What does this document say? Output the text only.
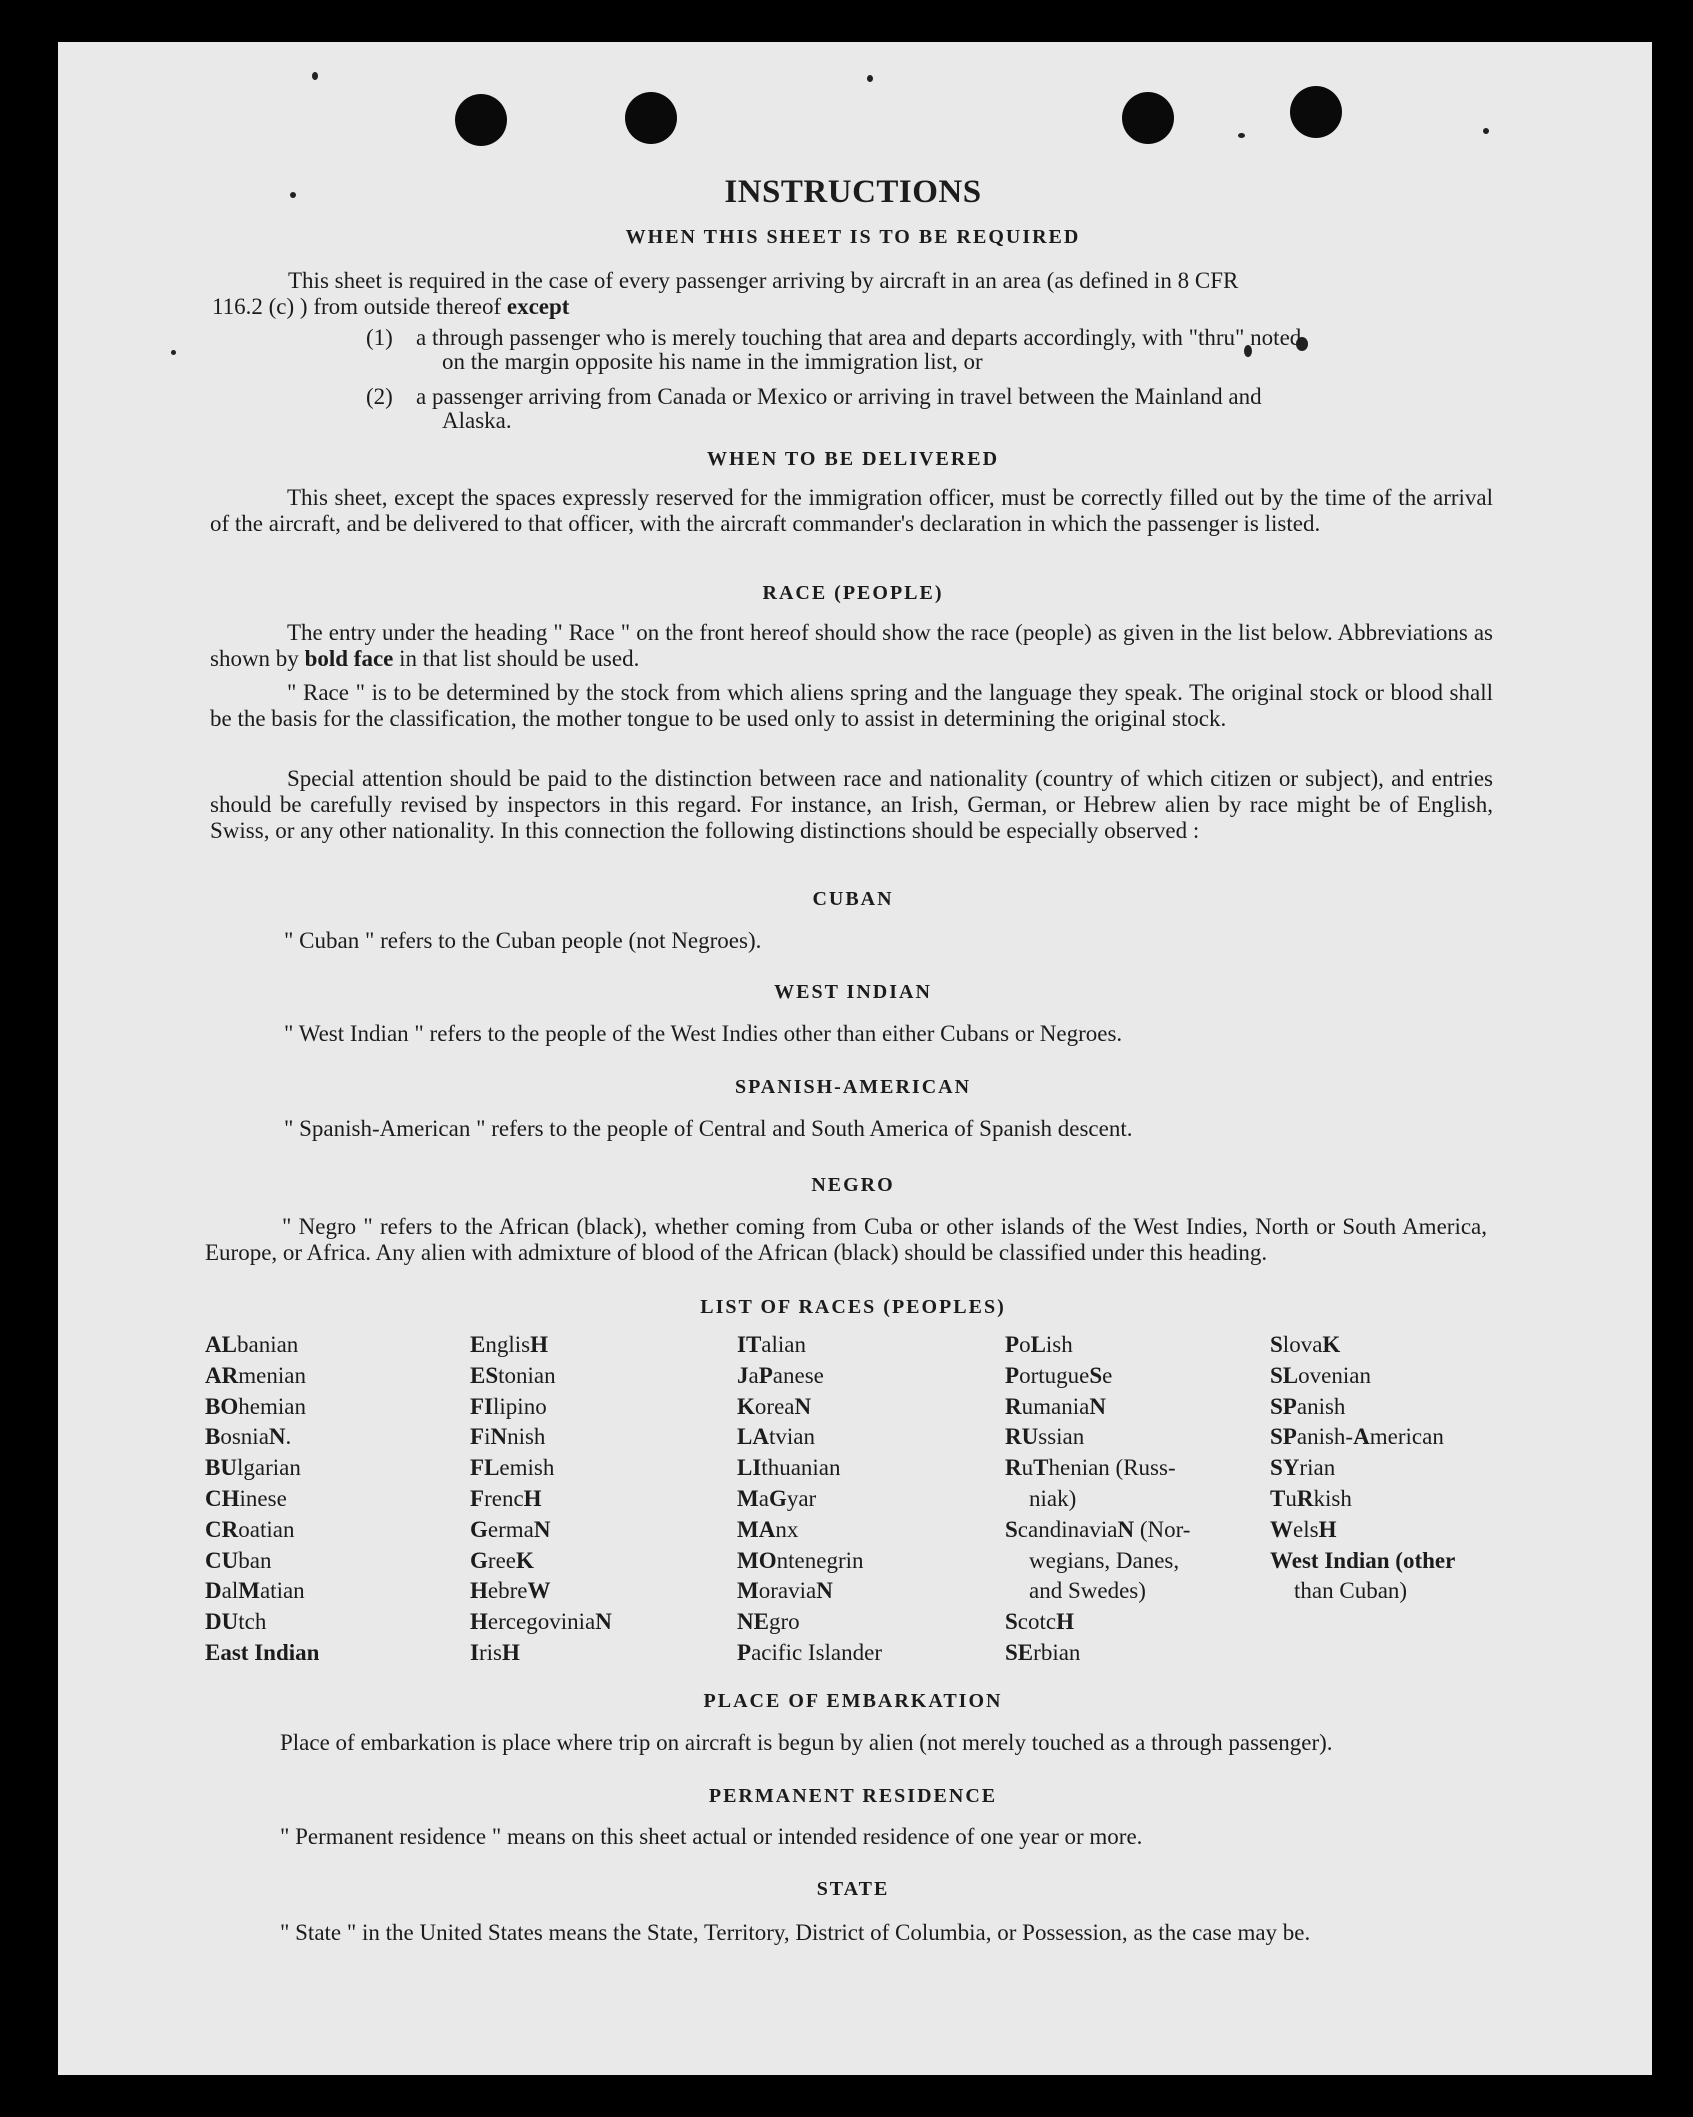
INSTRUCTIONS
WHEN THIS SHEET IS TO BE REQUIRED
This sheet is required in the case of every passenger arriving by aircraft in an area (as defined in 8 CFR
116.2 (c) ) from outside thereof except
(1) a through passenger who is merely touching that area and departs accordingly, with "thru" noted
on the margin opposite his name in the immigration list, or
(2) a passenger arriving from Canada or Mexico or arriving in travel between the Mainland and
Alaska.
WHEN TO BE DELIVERED
This sheet, except the spaces expressly reserved for the immigration officer, must be correctly filled out by the time of the arrival of the aircraft, and be delivered to that officer, with the aircraft commander's declaration in which the passenger is listed.
RACE (PEOPLE)
The entry under the heading " Race " on the front hereof should show the race (people) as given in the list below. Abbreviations as shown by bold face in that list should be used.
" Race " is to be determined by the stock from which aliens spring and the language they speak. The original stock or blood shall be the basis for the classification, the mother tongue to be used only to assist in determining the original stock.
Special attention should be paid to the distinction between race and nationality (country of which citizen or subject), and entries should be carefully revised by inspectors in this regard. For instance, an Irish, German, or Hebrew alien by race might be of English, Swiss, or any other nationality. In this connection the following distinctions should be especially observed :
CUBAN
" Cuban " refers to the Cuban people (not Negroes).
WEST INDIAN
" West Indian " refers to the people of the West Indies other than either Cubans or Negroes.
SPANISH-AMERICAN
" Spanish-American " refers to the people of Central and South America of Spanish descent.
NEGRO
" Negro " refers to the African (black), whether coming from Cuba or other islands of the West Indies, North or South America, Europe, or Africa. Any alien with admixture of blood of the African (black) should be classified under this heading.
LIST OF RACES (PEOPLES)
ALbanian
ARmenian
BOhemian
BosniaN.
BUlgarian
CHinese
CRoatian
CUban
DalMatian
DUtch
East Indian
EnglisH
EStonian
FIlipino
FiNnish
FLemish
FrencH
GermaN
GreeK
HebreW
HercegoviniaN
IrisH
ITalian
JaPanese
KoreaN
LAtvian
LIthuanian
MaGyar
MAnx
MOntenegrin
MoraviaN
NEgro
Pacific Islander
PoLish
PortugueSe
RumaniaN
RUssian
RuThenian (Russ-
niak)
ScandinaviaN (Nor-
wegians, Danes,
and Swedes)
ScotcH
SErbian
SlovaK
SLovenian
SPanish
SPanish-American
SYrian
TuRkish
WelsH
West Indian (other
than Cuban)
PLACE OF EMBARKATION
Place of embarkation is place where trip on aircraft is begun by alien (not merely touched as a through passenger).
PERMANENT RESIDENCE
" Permanent residence " means on this sheet actual or intended residence of one year or more.
STATE
" State " in the United States means the State, Territory, District of Columbia, or Possession, as the case may be.
